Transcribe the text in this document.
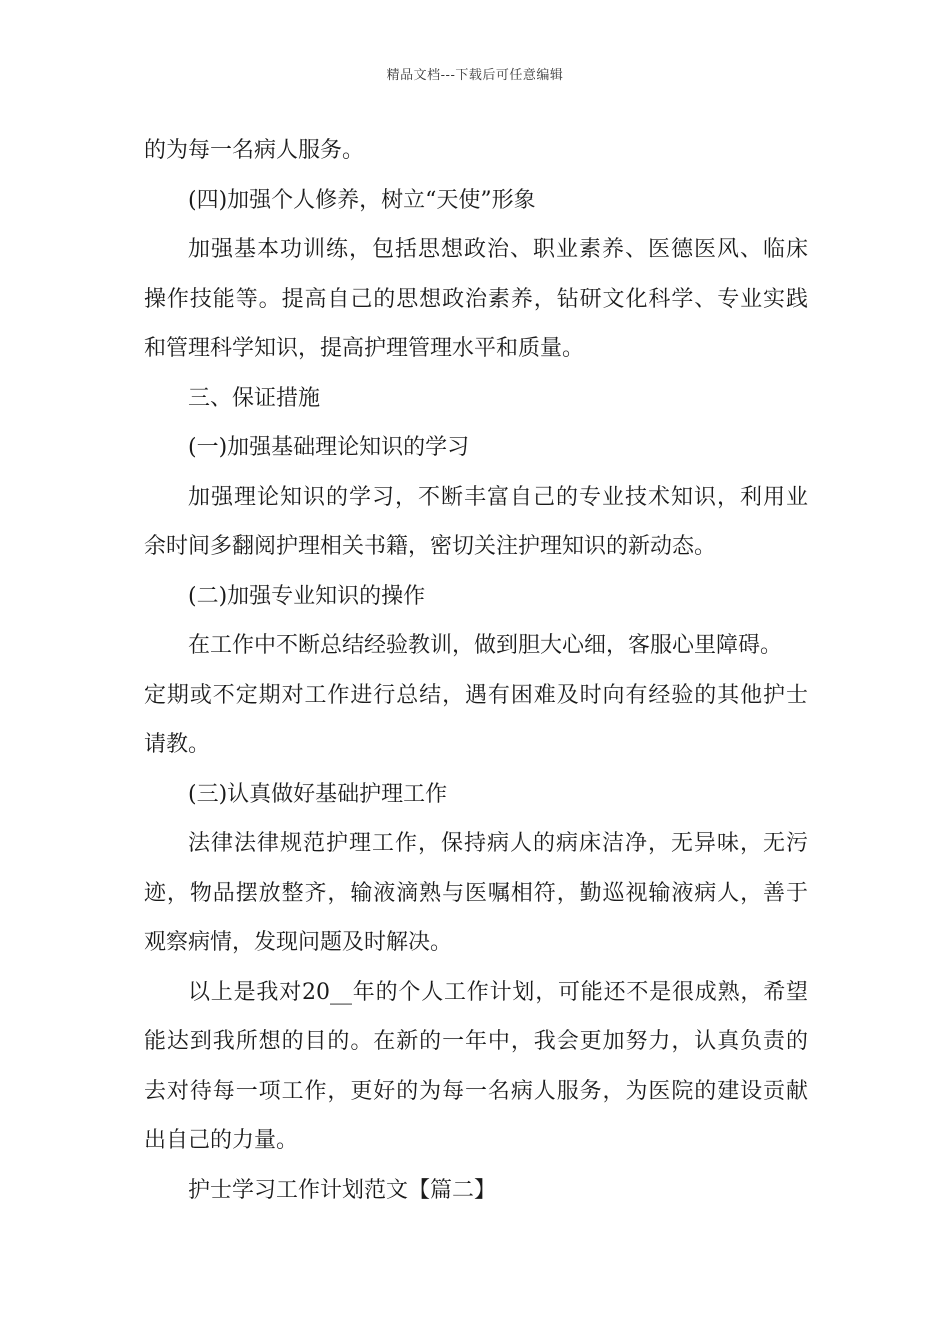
精品文档---下载后可任意编辑
的为每一名病人服务。
(四)加强个人修养，树立“天使”形象
加强基本功训练，包括思想政治、职业素养、医德医风、临床
操作技能等。提高自己的思想政治素养，钻研文化科学、专业实践
和管理科学知识，提高护理管理水平和质量。
三、保证措施
(一)加强基础理论知识的学习
加强理论知识的学习，不断丰富自己的专业技术知识，利用业
余时间多翻阅护理相关书籍，密切关注护理知识的新动态。
(二)加强专业知识的操作
在工作中不断总结经验教训，做到胆大心细，客服心里障碍。
定期或不定期对工作进行总结，遇有困难及时向有经验的其他护士
请教。
(三)认真做好基础护理工作
法律法律规范护理工作，保持病人的病床洁净，无异味，无污
迹，物品摆放整齐，输液滴熟与医嘱相符，勤巡视输液病人，善于
观察病情，发现问题及时解决。
以上是我对20__年的个人工作计划，可能还不是很成熟，希望
能达到我所想的目的。在新的一年中，我会更加努力，认真负责的
去对待每一项工作，更好的为每一名病人服务，为医院的建设贡献
出自己的力量。
护士学习工作计划范文【篇二】
